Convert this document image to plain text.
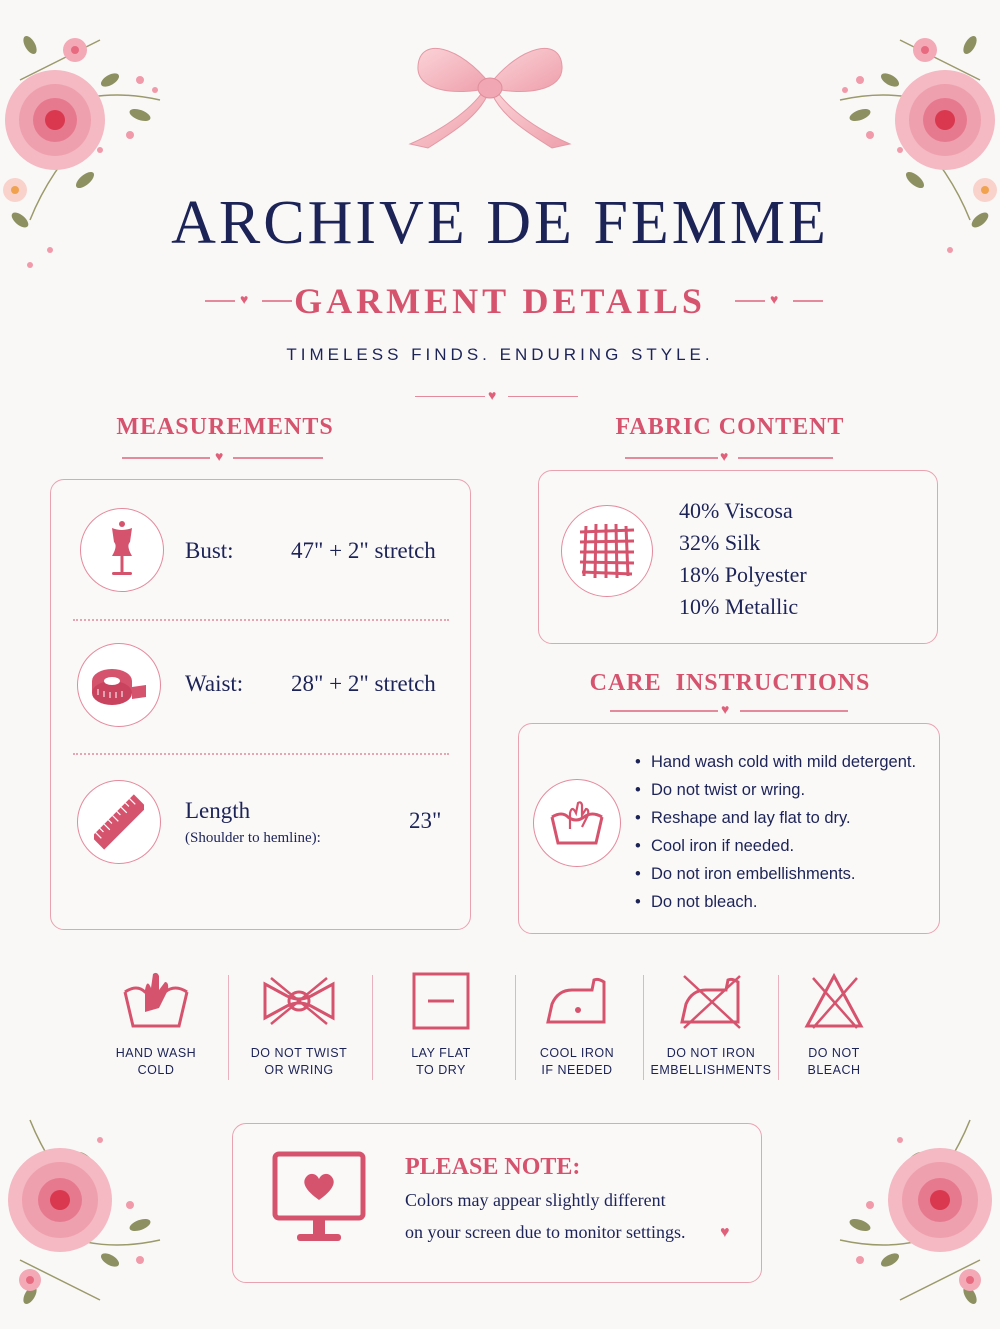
ARCHIVE DE FEMME
♥	GARMENT DETAILS	♥
TIMELESS FINDS. ENDURING STYLE.
♥
MEASUREMENTS
♥
Bust: 47" + 2" stretch
Waist: 28" + 2" stretch
Length
(Shoulder to hemline):
23"
FABRIC CONTENT
♥
40% Viscosa
32% Silk
18% Polyester
10% Metallic
CARE  INSTRUCTIONS
♥
• Hand wash cold with mild detergent.
• Do not twist or wring.
• Reshape and lay flat to dry.
• Cool iron if needed.
• Do not iron embellishments.
• Do not bleach.
HAND WASH
COLD
DO NOT TWIST
OR WRING
LAY FLAT
TO DRY
COOL IRON
IF NEEDED
DO NOT IRON
EMBELLISHMENTS
DO NOT
BLEACH
PLEASE NOTE:
Colors may appear slightly different
on your screen due to monitor settings. ♥
